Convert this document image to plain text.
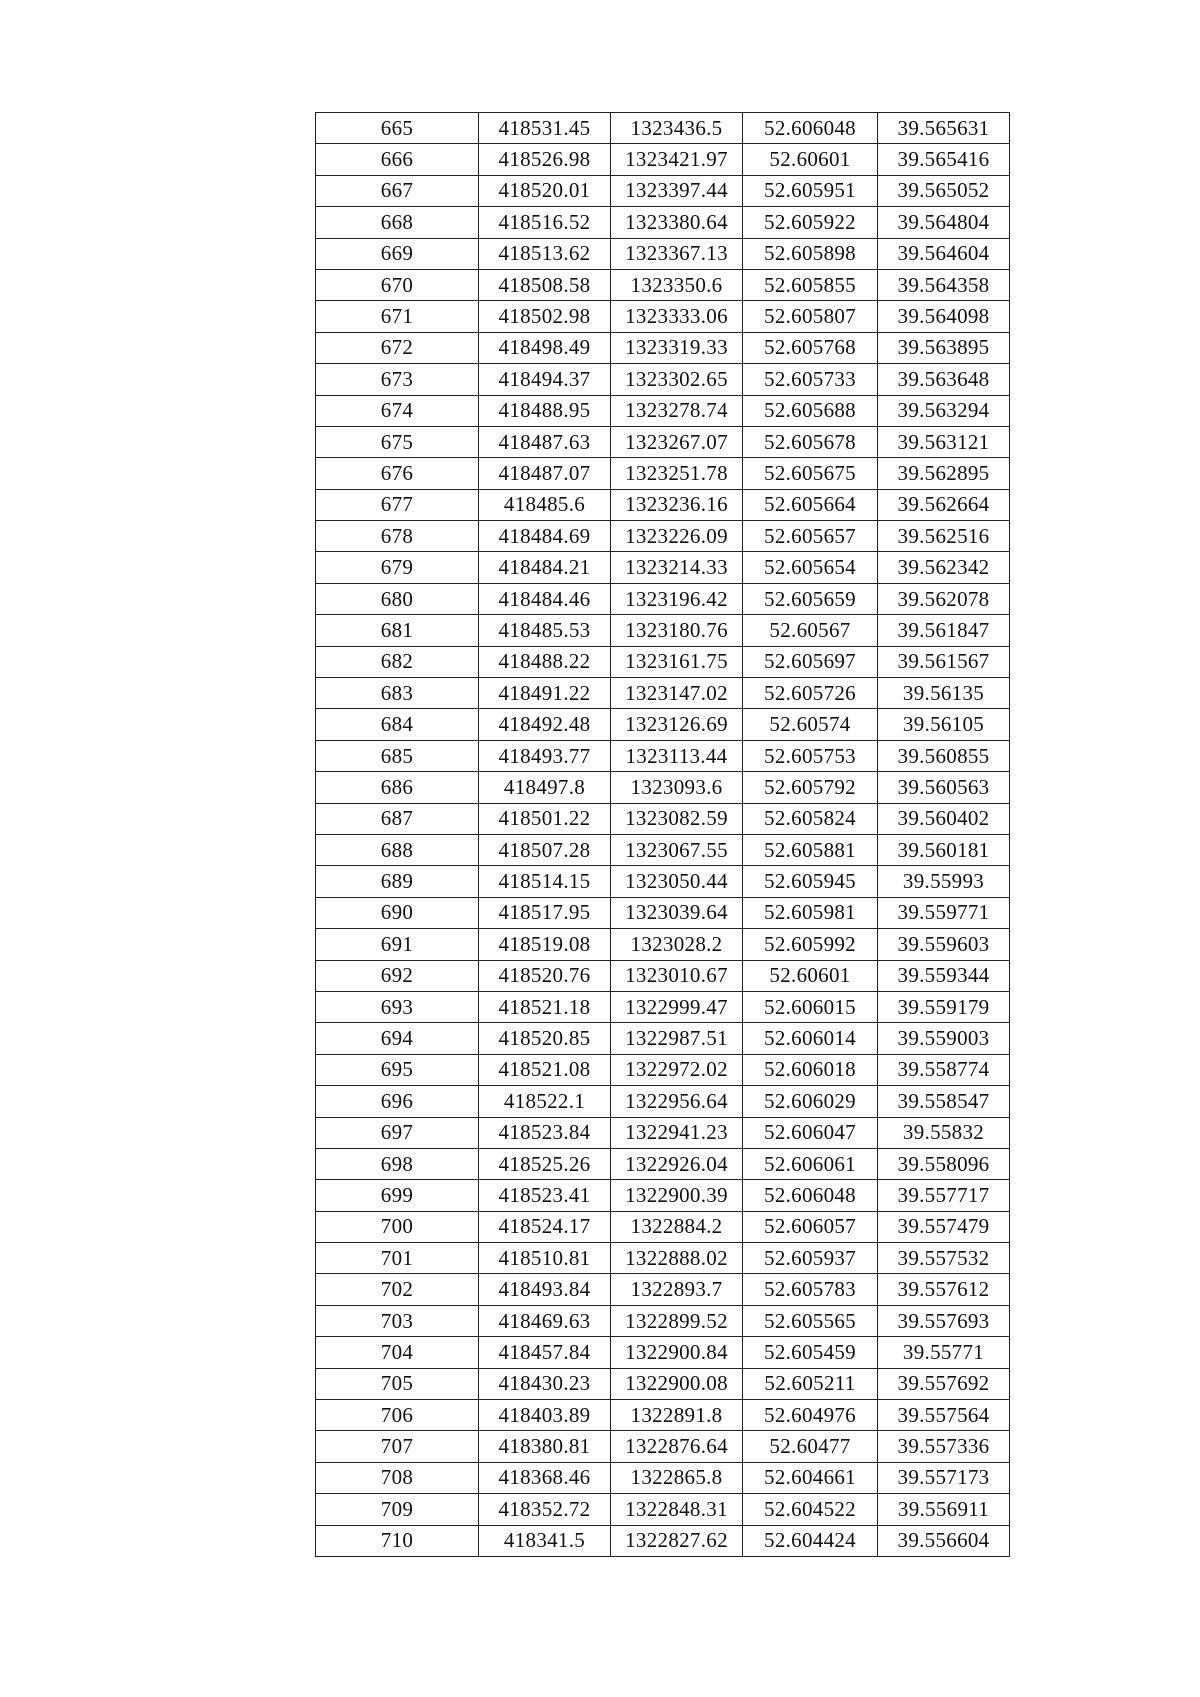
665	418531.45	1323436.5	52.606048	39.565631
666	418526.98	1323421.97	52.60601	39.565416
667	418520.01	1323397.44	52.605951	39.565052
668	418516.52	1323380.64	52.605922	39.564804
669	418513.62	1323367.13	52.605898	39.564604
670	418508.58	1323350.6	52.605855	39.564358
671	418502.98	1323333.06	52.605807	39.564098
672	418498.49	1323319.33	52.605768	39.563895
673	418494.37	1323302.65	52.605733	39.563648
674	418488.95	1323278.74	52.605688	39.563294
675	418487.63	1323267.07	52.605678	39.563121
676	418487.07	1323251.78	52.605675	39.562895
677	418485.6	1323236.16	52.605664	39.562664
678	418484.69	1323226.09	52.605657	39.562516
679	418484.21	1323214.33	52.605654	39.562342
680	418484.46	1323196.42	52.605659	39.562078
681	418485.53	1323180.76	52.60567	39.561847
682	418488.22	1323161.75	52.605697	39.561567
683	418491.22	1323147.02	52.605726	39.56135
684	418492.48	1323126.69	52.60574	39.56105
685	418493.77	1323113.44	52.605753	39.560855
686	418497.8	1323093.6	52.605792	39.560563
687	418501.22	1323082.59	52.605824	39.560402
688	418507.28	1323067.55	52.605881	39.560181
689	418514.15	1323050.44	52.605945	39.55993
690	418517.95	1323039.64	52.605981	39.559771
691	418519.08	1323028.2	52.605992	39.559603
692	418520.76	1323010.67	52.60601	39.559344
693	418521.18	1322999.47	52.606015	39.559179
694	418520.85	1322987.51	52.606014	39.559003
695	418521.08	1322972.02	52.606018	39.558774
696	418522.1	1322956.64	52.606029	39.558547
697	418523.84	1322941.23	52.606047	39.55832
698	418525.26	1322926.04	52.606061	39.558096
699	418523.41	1322900.39	52.606048	39.557717
700	418524.17	1322884.2	52.606057	39.557479
701	418510.81	1322888.02	52.605937	39.557532
702	418493.84	1322893.7	52.605783	39.557612
703	418469.63	1322899.52	52.605565	39.557693
704	418457.84	1322900.84	52.605459	39.55771
705	418430.23	1322900.08	52.605211	39.557692
706	418403.89	1322891.8	52.604976	39.557564
707	418380.81	1322876.64	52.60477	39.557336
708	418368.46	1322865.8	52.604661	39.557173
709	418352.72	1322848.31	52.604522	39.556911
710	418341.5	1322827.62	52.604424	39.556604
